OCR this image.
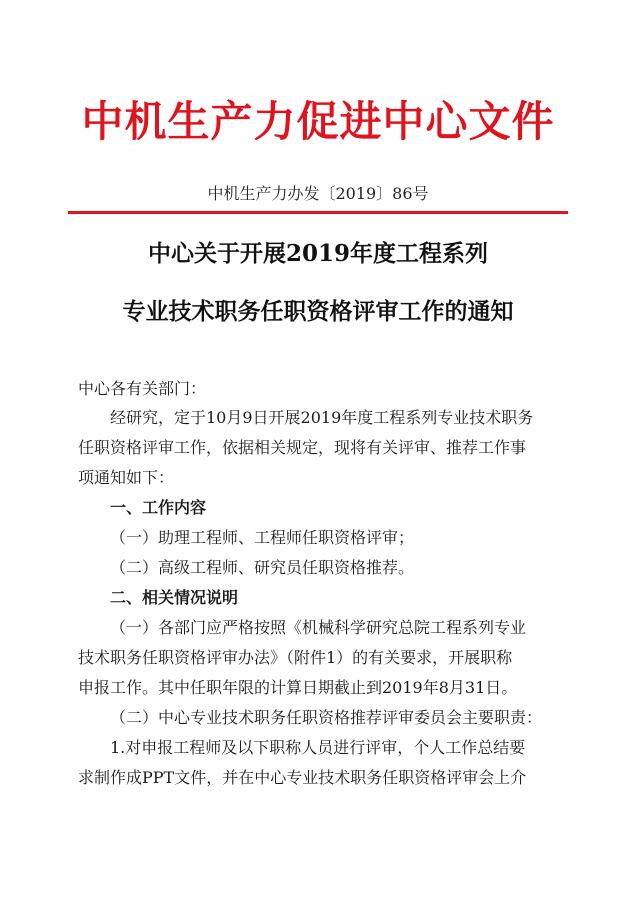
中机生产力促进中心文件
中机生产力办发〔2019〕86号
中心关于开展2019年度工程系列
专业技术职务任职资格评审工作的通知
中心各有关部门：
经研究，定于10月9日开展2019年度工程系列专业技术职务
任职资格评审工作，依据相关规定，现将有关评审、推荐工作事
项通知如下：
一、工作内容
（一）助理工程师、工程师任职资格评审；
（二）高级工程师、研究员任职资格推荐。
二、相关情况说明
（一）各部门应严格按照《机械科学研究总院工程系列专业
技术职务任职资格评审办法》（附件1）的有关要求，开展职称
申报工作。其中任职年限的计算日期截止到2019年8月31日。
（二）中心专业技术职务任职资格推荐评审委员会主要职责：
1.对申报工程师及以下职称人员进行评审，个人工作总结要
求制作成PPT文件，并在中心专业技术职务任职资格评审会上介
